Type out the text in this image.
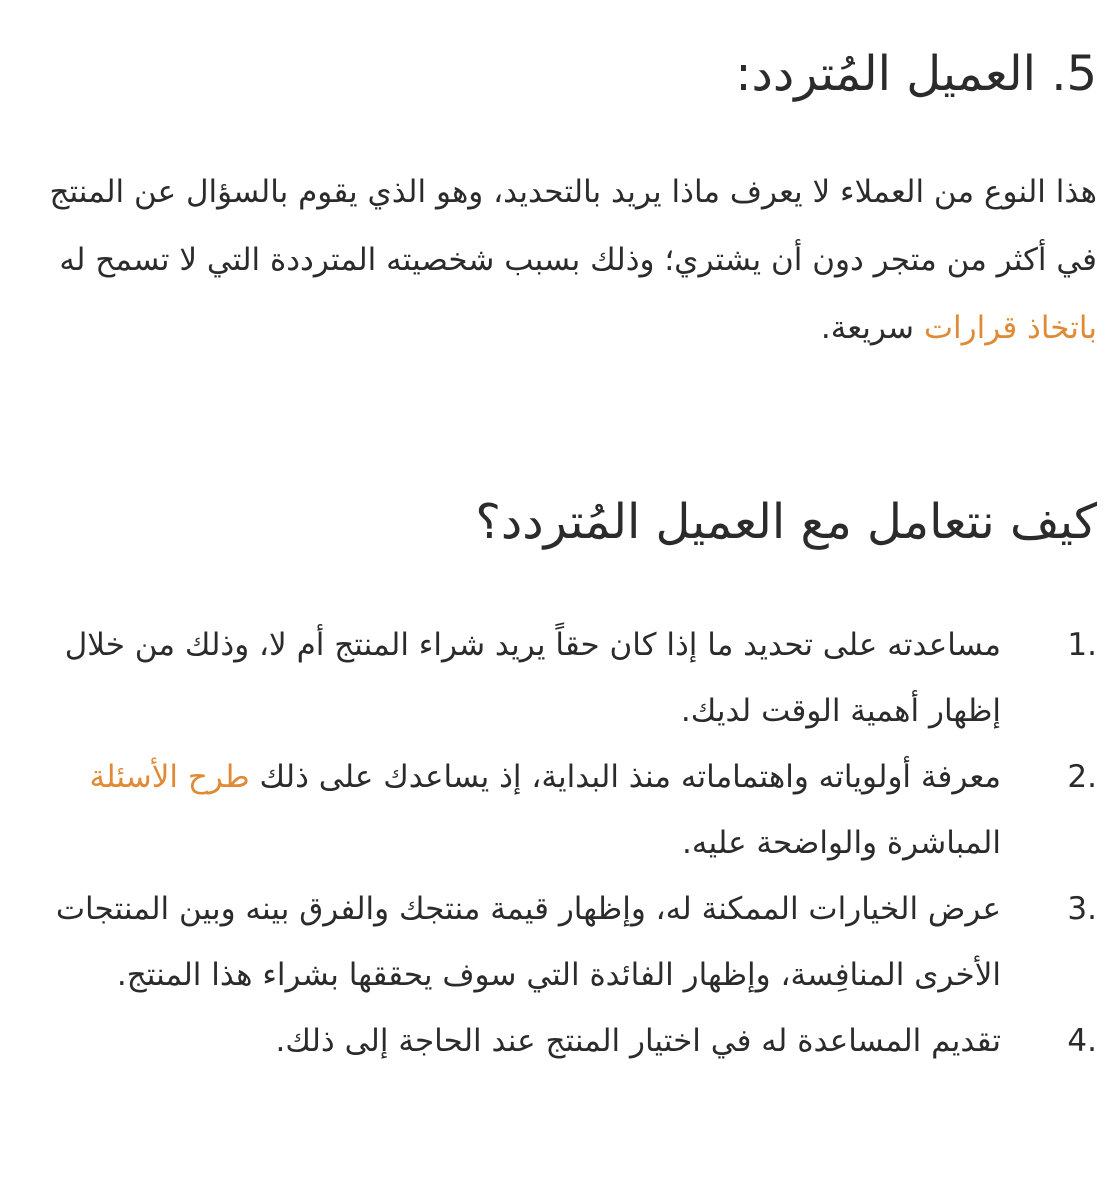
5. العميل المُتردد:

هذا النوع من العملاء لا يعرف ماذا يريد بالتحديد، وهو الذي يقوم بالسؤال عن المنتج في أكثر من متجر دون أن يشتري؛ وذلك بسبب شخصيته المترددة التي لا تسمح له باتخاذ قرارات سريعة.

كيف نتعامل مع العميل المُتردد؟
1.
مساعدته على تحديد ما إذا كان حقاً يريد شراء المنتج أم لا، وذلك من خلال إظهار أهمية الوقت لديك.
2.
معرفة أولوياته واهتماماته منذ البداية، إذ يساعدك على ذلك طرح الأسئلة المباشرة والواضحة عليه.
3.
عرض الخيارات الممكنة له، وإظهار قيمة منتجك والفرق بينه وبين المنتجات الأخرى المنافِسة، وإظهار الفائدة التي سوف يحققها بشراء هذا المنتج.
4.
تقديم المساعدة له في اختيار المنتج عند الحاجة إلى ذلك.
